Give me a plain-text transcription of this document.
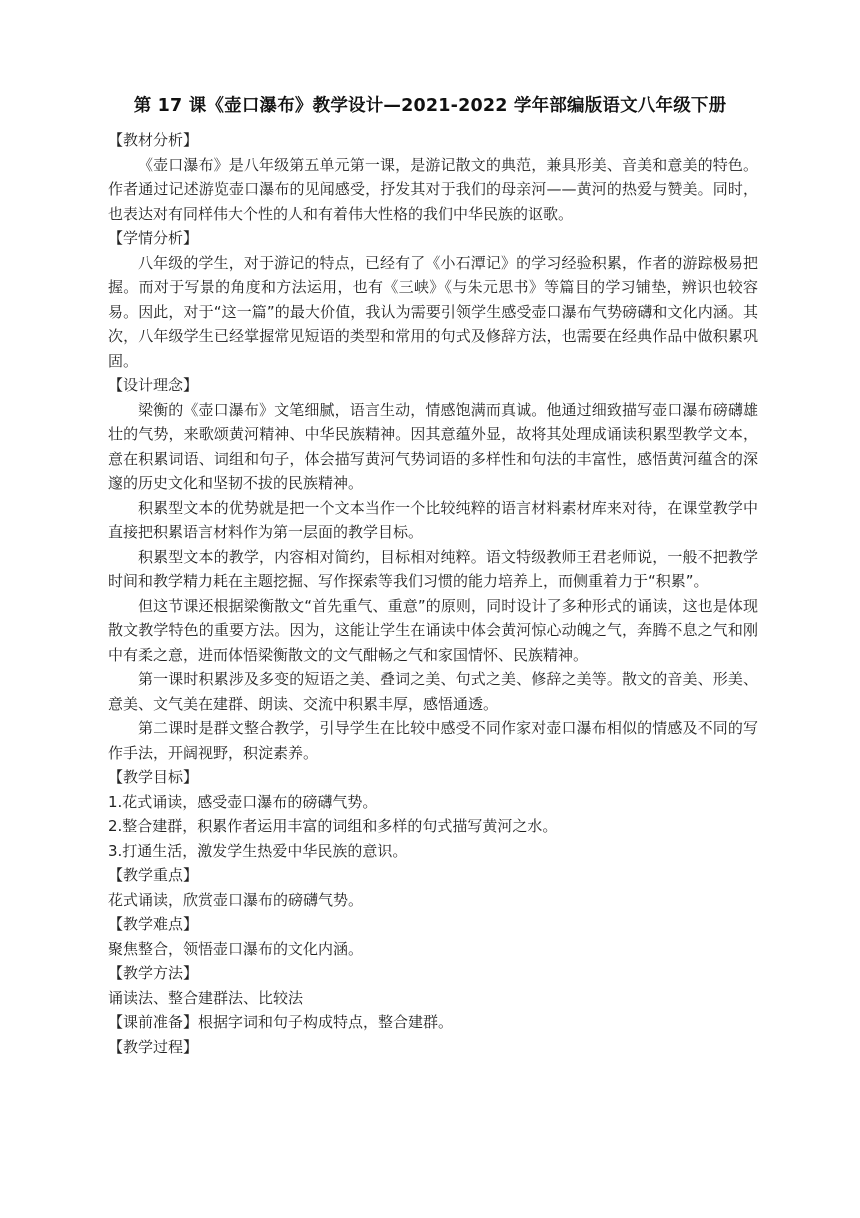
第 17 课《壶口瀑布》教学设计—2021-2022 学年部编版语文八年级下册

【教材分析】

《壶口瀑布》是八年级第五单元第一课，是游记散文的典范，兼具形美、音美和意美的特色。作者通过记述游览壶口瀑布的见闻感受，抒发其对于我们的母亲河——黄河的热爱与赞美。同时，也表达对有同样伟大个性的人和有着伟大性格的我们中华民族的讴歌。

【学情分析】

八年级的学生，对于游记的特点，已经有了《小石潭记》的学习经验积累，作者的游踪极易把握。而对于写景的角度和方法运用，也有《三峡》《与朱元思书》等篇目的学习铺垫，辨识也较容易。因此，对于“这一篇”的最大价值，我认为需要引领学生感受壶口瀑布气势磅礴和文化内涵。其次，八年级学生已经掌握常见短语的类型和常用的句式及修辞方法，也需要在经典作品中做积累巩固。

【设计理念】

梁衡的《壶口瀑布》文笔细腻，语言生动，情感饱满而真诚。他通过细致描写壶口瀑布磅礴雄壮的气势，来歌颂黄河精神、中华民族精神。因其意蕴外显，故将其处理成诵读积累型教学文本，意在积累词语、词组和句子，体会描写黄河气势词语的多样性和句法的丰富性，感悟黄河蕴含的深邃的历史文化和坚韧不拔的民族精神。

积累型文本的优势就是把一个文本当作一个比较纯粹的语言材料素材库来对待，在课堂教学中直接把积累语言材料作为第一层面的教学目标。

积累型文本的教学，内容相对简约，目标相对纯粹。语文特级教师王君老师说，一般不把教学时间和教学精力耗在主题挖掘、写作探索等我们习惯的能力培养上，而侧重着力于“积累”。

但这节课还根据梁衡散文“首先重气、重意”的原则，同时设计了多种形式的诵读，这也是体现散文教学特色的重要方法。因为，这能让学生在诵读中体会黄河惊心动魄之气，奔腾不息之气和刚中有柔之意，进而体悟梁衡散文的文气酣畅之气和家国情怀、民族精神。

第一课时积累涉及多变的短语之美、叠词之美、句式之美、修辞之美等。散文的音美、形美、意美、文气美在建群、朗读、交流中积累丰厚，感悟通透。

第二课时是群文整合教学，引导学生在比较中感受不同作家对壶口瀑布相似的情感及不同的写作手法，开阔视野，积淀素养。

【教学目标】

1.花式诵读，感受壶口瀑布的磅礴气势。

2.整合建群，积累作者运用丰富的词组和多样的句式描写黄河之水。

3.打通生活，激发学生热爱中华民族的意识。

【教学重点】

花式诵读，欣赏壶口瀑布的磅礴气势。

【教学难点】

聚焦整合，领悟壶口瀑布的文化内涵。

【教学方法】

诵读法、整合建群法、比较法

【课前准备】根据字词和句子构成特点，整合建群。

【教学过程】
